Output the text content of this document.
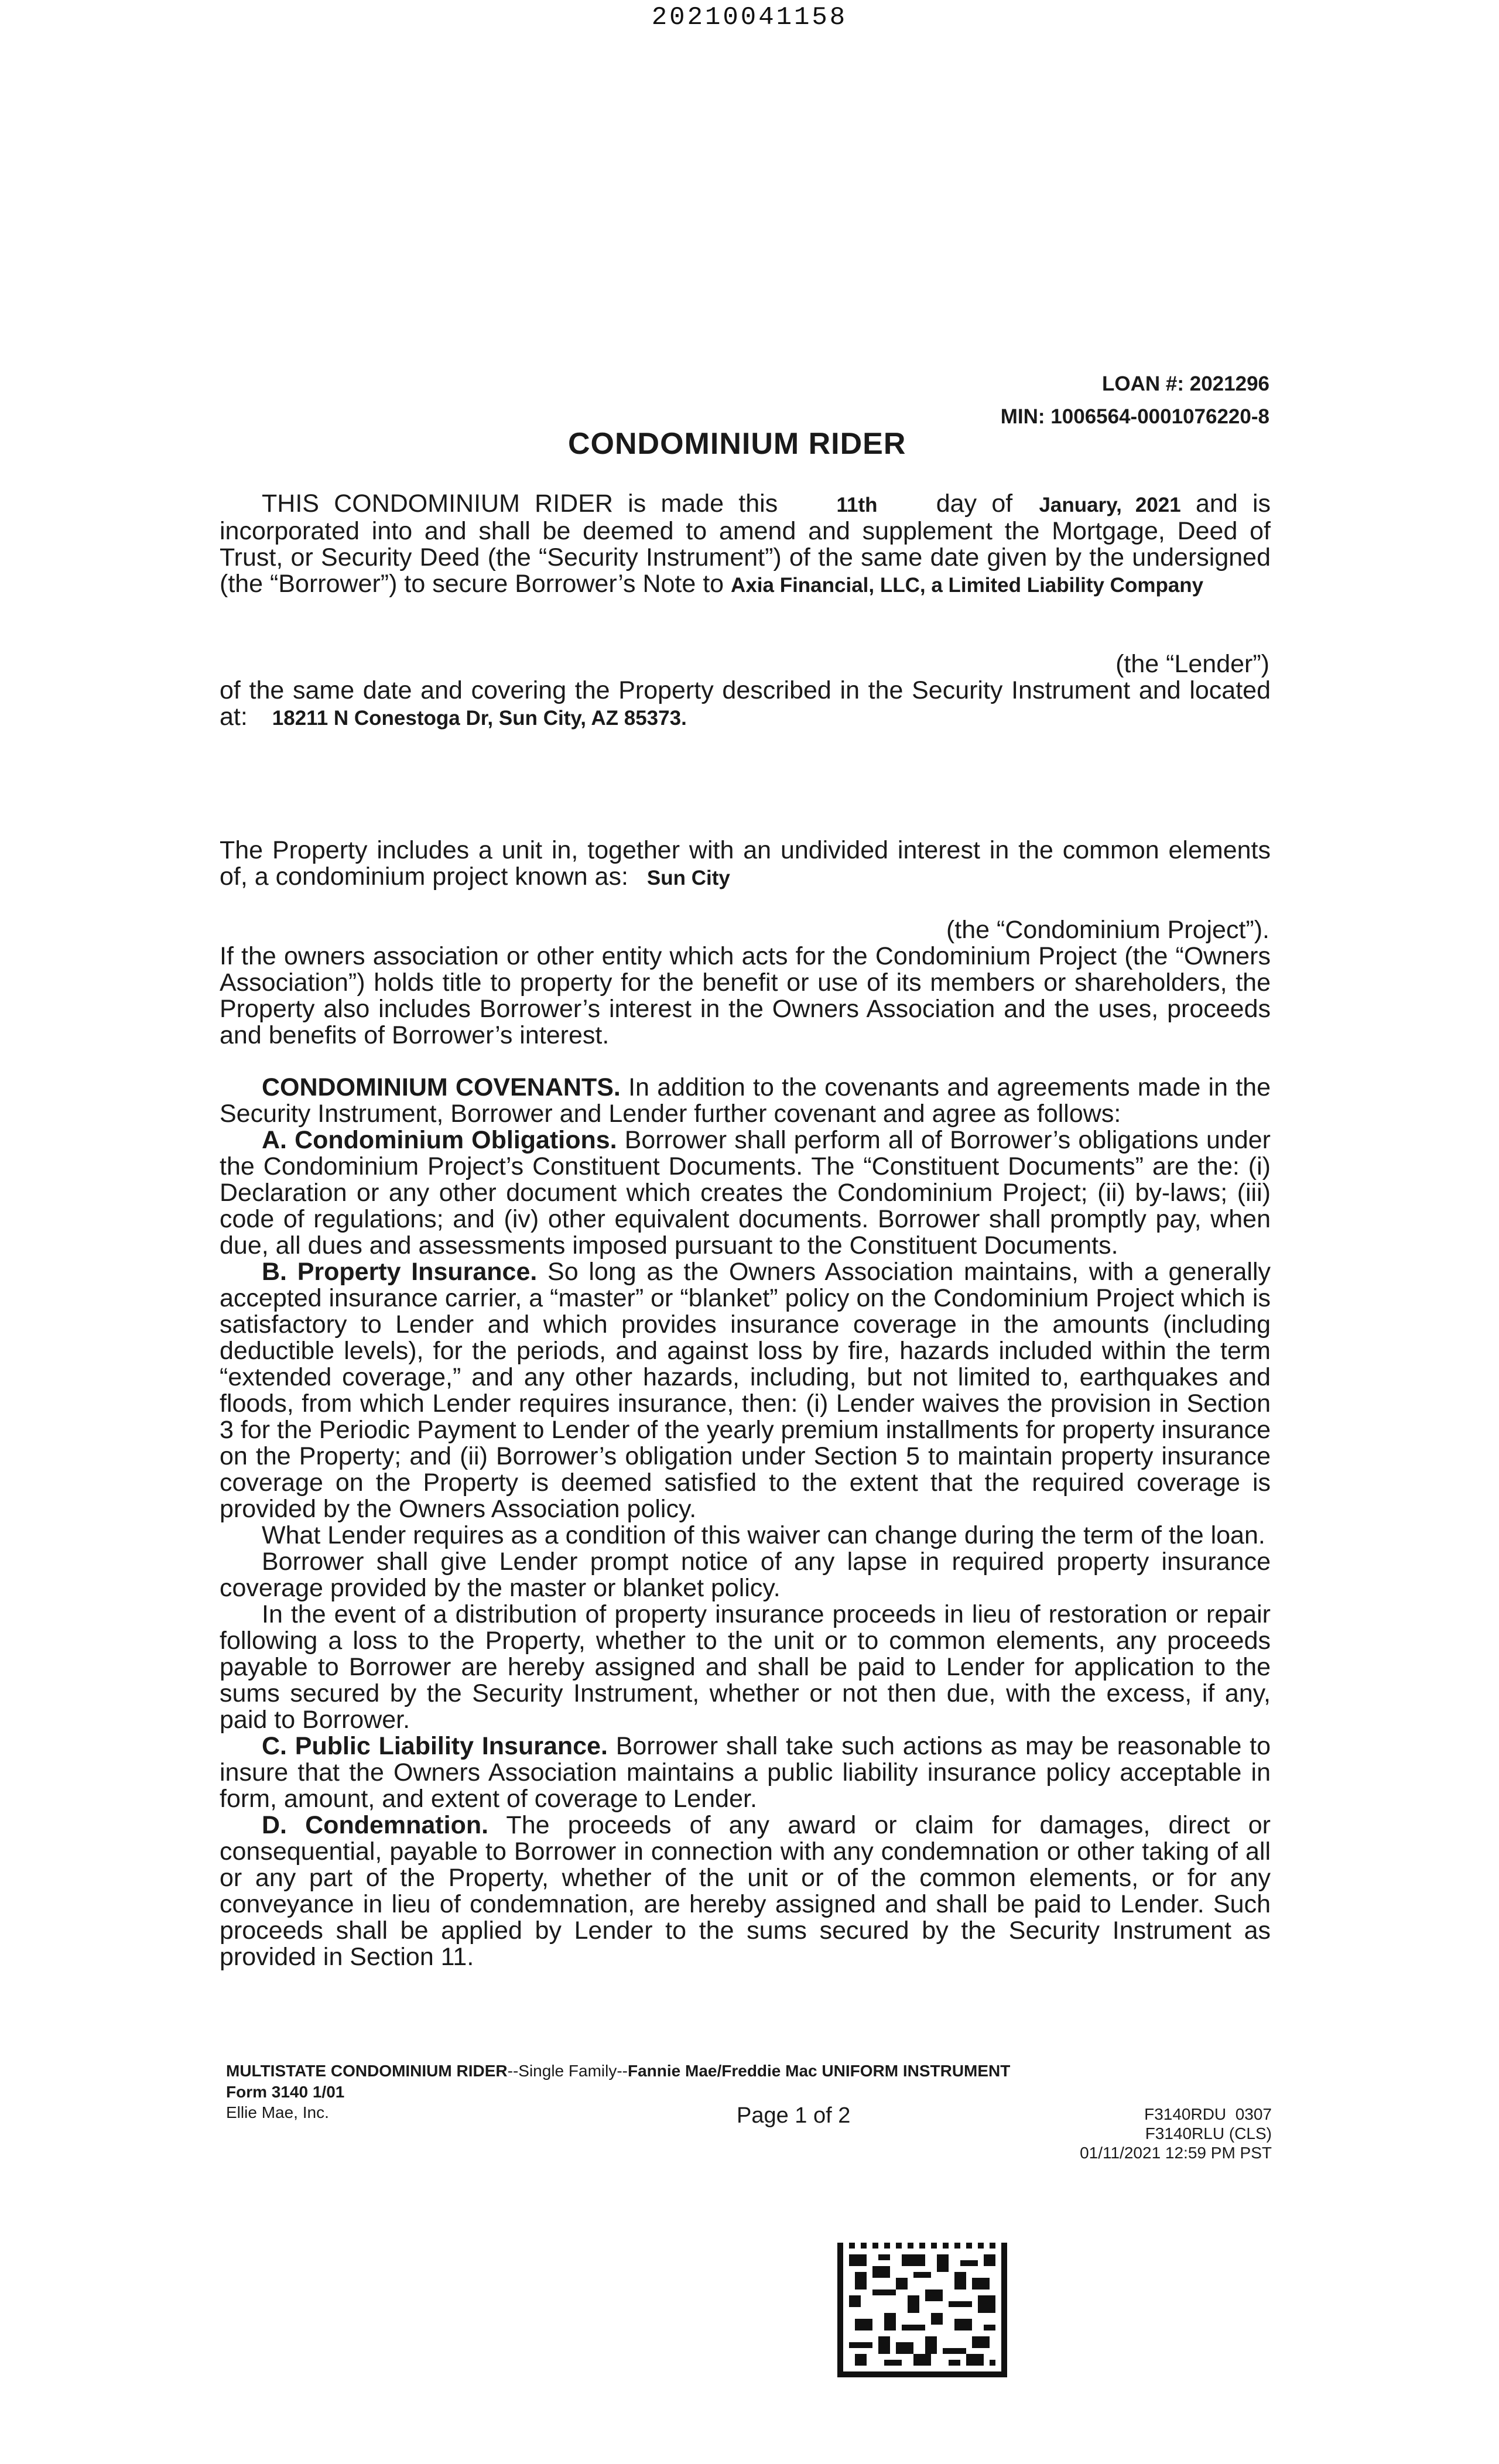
20210041158
LOAN #: 2021296
MIN: 1006564-0001076220-8
CONDOMINIUM RIDER
THIS CONDOMINIUM RIDER is made this	11th day of January, 2021 and is incorporated into and shall be deemed to amend and supplement the Mortgage, Deed of Trust, or Security Deed (the “Security Instrument”) of the same date given by the undersigned (the “Borrower”) to secure Borrower’s Note to Axia Financial, LLC, a Limited Liability Company
(the “Lender”)
of the same date and covering the Property described in the Security Instrument and located at: 18211 N Conestoga Dr, Sun City, AZ 85373.
The Property includes a unit in, together with an undivided interest in the common elements of, a condominium project known as: Sun City
(the “Condominium Project”).
If the owners association or other entity which acts for the Condominium Project (the “Owners Association”) holds title to property for the benefit or use of its members or shareholders, the Property also includes Borrower’s interest in the Owners Association and the uses, proceeds and benefits of Borrower’s interest.
CONDOMINIUM COVENANTS. In addition to the covenants and agreements made in the Security Instrument, Borrower and Lender further covenant and agree as follows:
A. Condominium Obligations. Borrower shall perform all of Borrower’s obligations under the Condominium Project’s Constituent Documents. The “Constituent Documents” are the: (i) Declaration or any other document which creates the Condominium Project; (ii) by-laws; (iii) code of regulations; and (iv) other equivalent documents. Borrower shall promptly pay, when due, all dues and assessments imposed pursuant to the Constituent Documents.
B. Property Insurance. So long as the Owners Association maintains, with a generally accepted insurance carrier, a “master” or “blanket” policy on the Condominium Project which is satisfactory to Lender and which provides insurance coverage in the amounts (including deductible levels), for the periods, and against loss by fire, hazards included within the term “extended coverage,” and any other hazards, including, but not limited to, earthquakes and floods, from which Lender requires insurance, then: (i) Lender waives the provision in Section 3 for the Periodic Payment to Lender of the yearly premium installments for property insurance on the Property; and (ii) Borrower’s obligation under Section 5 to maintain property insurance coverage on the Property is deemed satisfied to the extent that the required coverage is provided by the Owners Association policy.
What Lender requires as a condition of this waiver can change during the term of the loan.
Borrower shall give Lender prompt notice of any lapse in required property insurance coverage provided by the master or blanket policy.
In the event of a distribution of property insurance proceeds in lieu of restoration or repair following a loss to the Property, whether to the unit or to common elements, any proceeds payable to Borrower are hereby assigned and shall be paid to Lender for application to the sums secured by the Security Instrument, whether or not then due, with the excess, if any, paid to Borrower.
C. Public Liability Insurance. Borrower shall take such actions as may be reasonable to insure that the Owners Association maintains a public liability insurance policy acceptable in form, amount, and extent of coverage to Lender.
D. Condemnation. The proceeds of any award or claim for damages, direct or consequential, payable to Borrower in connection with any condemnation or other taking of all or any part of the Property, whether of the unit or of the common elements, or for any conveyance in lieu of condemnation, are hereby assigned and shall be paid to Lender. Such proceeds shall be applied by Lender to the sums secured by the Security Instrument as provided in Section 11.
MULTISTATE CONDOMINIUM RIDER--Single Family--Fannie Mae/Freddie Mac UNIFORM INSTRUMENT
Form 3140 1/01
Ellie Mae, Inc.	Page 1 of 2	F3140RDU  0307
F3140RLU (CLS)
01/11/2021 12:59 PM PST
